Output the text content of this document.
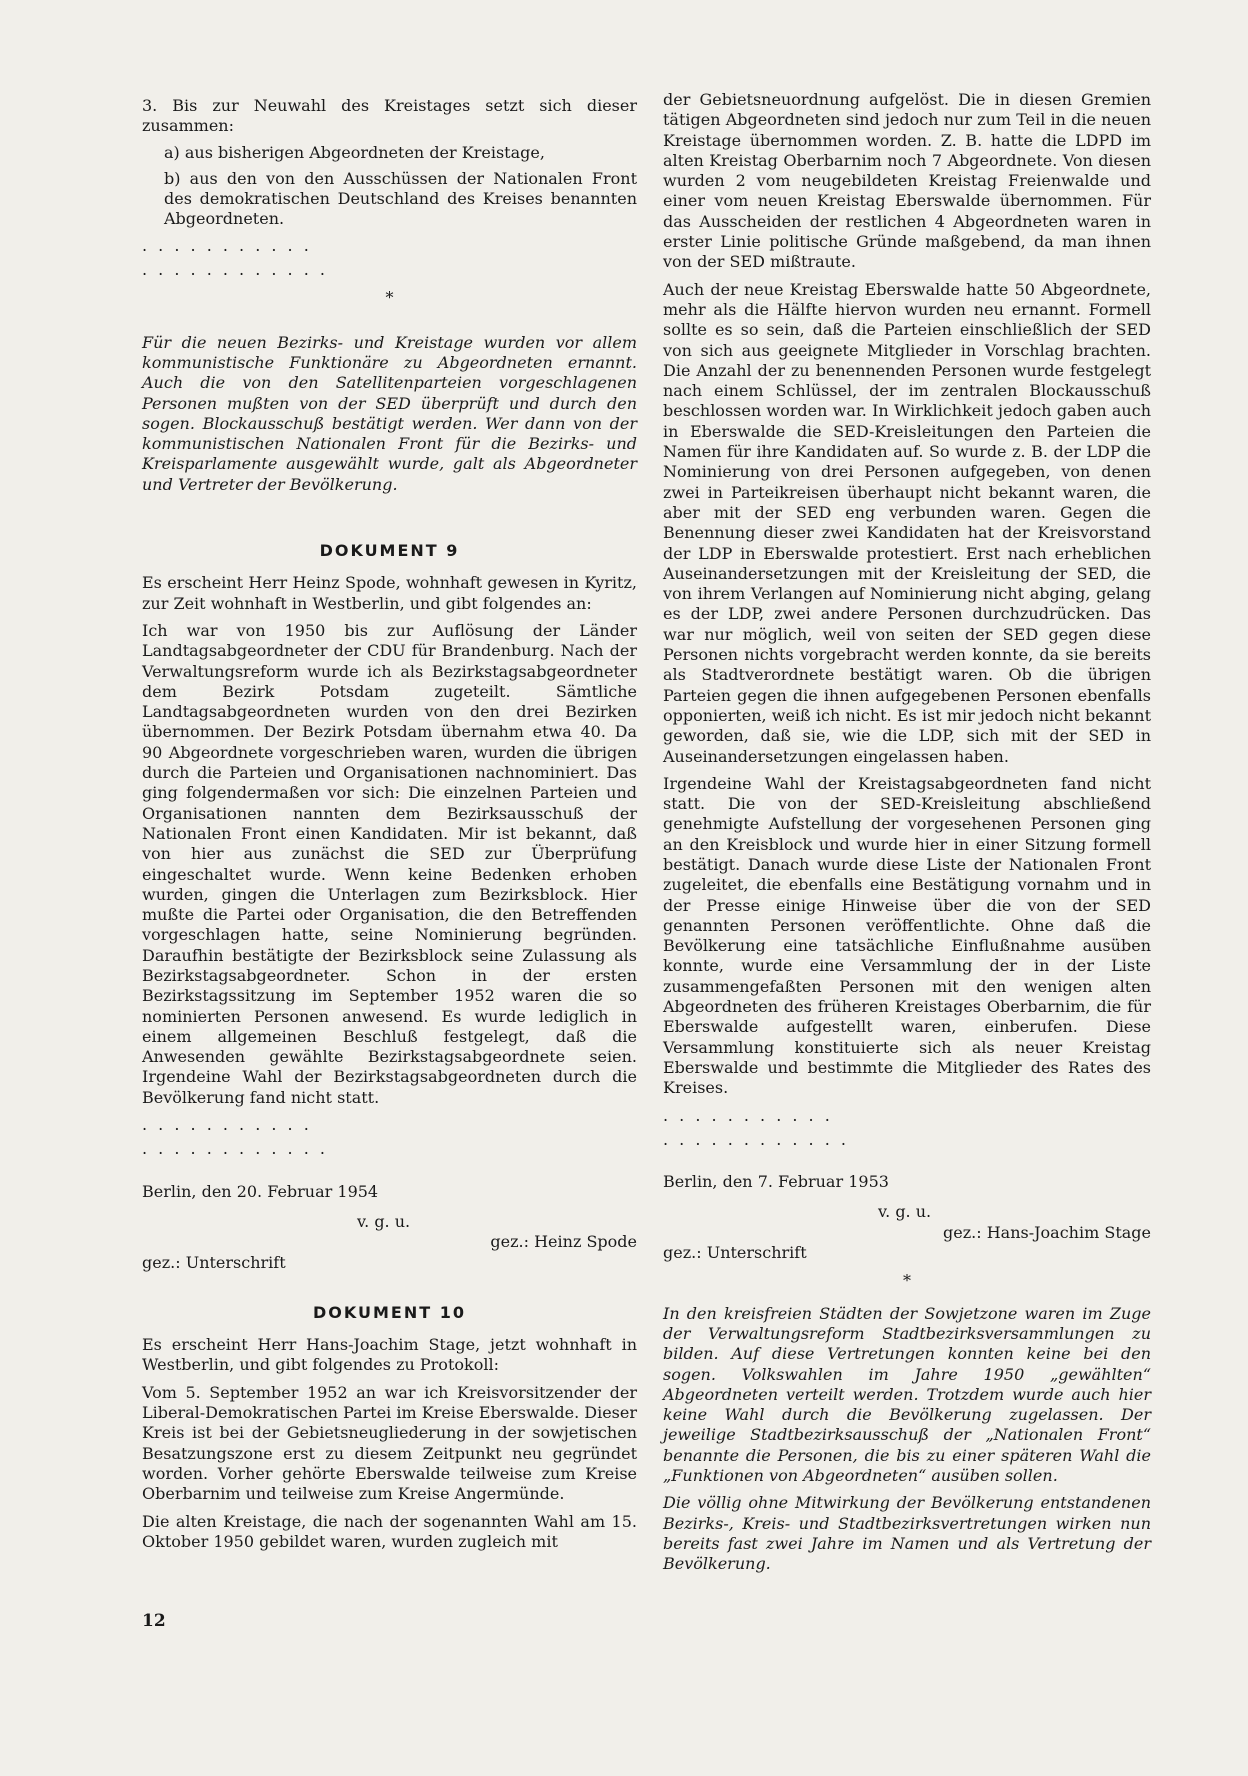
3. Bis zur Neuwahl des Kreistages setzt sich dieser zusammen:
a) aus bisherigen Abgeordneten der Kreistage,
b) aus den von den Ausschüssen der Nationalen Front des demokratischen Deutschland des Kreises benannten Abgeordneten.
. . . . . . . . . . .
. . . . . . . . . . . .
*

Für die neuen Bezirks- und Kreistage wurden vor allem kommunistische Funktionäre zu Abgeordneten ernannt. Auch die von den Satellitenparteien vorgeschlagenen Personen mußten von der SED überprüft und durch den sogen. Blockausschuß bestätigt werden. Wer dann von der kommunistischen Nationalen Front für die Bezirks- und Kreisparlamente ausgewählt wurde, galt als Abgeordneter und Vertreter der Bevölkerung.

DOKUMENT 9

Es erscheint Herr Heinz Spode, wohnhaft gewesen in Kyritz, zur Zeit wohnhaft in Westberlin, und gibt folgendes an:

Ich war von 1950 bis zur Auflösung der Länder Landtagsabgeordneter der CDU für Brandenburg. Nach der Verwaltungsreform wurde ich als Bezirkstagsabgeordneter dem Bezirk Potsdam zugeteilt. Sämtliche Landtagsabgeordneten wurden von den drei Bezirken übernommen. Der Bezirk Potsdam übernahm etwa 40. Da 90 Abgeordnete vorgeschrieben waren, wurden die übrigen durch die Parteien und Organisationen nachnominiert. Das ging folgendermaßen vor sich: Die einzelnen Parteien und Organisationen nannten dem Bezirksausschuß der Nationalen Front einen Kandidaten. Mir ist bekannt, daß von hier aus zunächst die SED zur Überprüfung eingeschaltet wurde. Wenn keine Bedenken erhoben wurden, gingen die Unterlagen zum Bezirksblock. Hier mußte die Partei oder Organisation, die den Betreffenden vorgeschlagen hatte, seine Nominierung begründen. Daraufhin bestätigte der Bezirksblock seine Zulassung als Bezirkstagsabgeordneter. Schon in der ersten Bezirkstagssitzung im September 1952 waren die so nominierten Personen anwesend. Es wurde lediglich in einem allgemeinen Beschluß festgelegt, daß die Anwesenden gewählte Bezirkstagsabgeordnete seien. Irgendeine Wahl der Bezirkstagsabgeordneten durch die Bevölkerung fand nicht statt.

. . . . . . . . . . .
. . . . . . . . . . . .

Berlin, den 20. Februar 1954

v. g. u.

gez.: Heinz Spode

gez.: Unterschrift

DOKUMENT 10

Es erscheint Herr Hans-Joachim Stage, jetzt wohnhaft in Westberlin, und gibt folgendes zu Protokoll:

Vom 5. September 1952 an war ich Kreisvorsitzender der Liberal-Demokratischen Partei im Kreise Eberswalde. Dieser Kreis ist bei der Gebietsneugliederung in der sowjetischen Besatzungszone erst zu diesem Zeitpunkt neu gegründet worden. Vorher gehörte Eberswalde teilweise zum Kreise Oberbarnim und teilweise zum Kreise Angermünde.

Die alten Kreistage, die nach der sogenannten Wahl am 15. Oktober 1950 gebildet waren, wurden zugleich mit

der Gebietsneuordnung aufgelöst. Die in diesen Gremien tätigen Abgeordneten sind jedoch nur zum Teil in die neuen Kreistage übernommen worden. Z. B. hatte die LDPD im alten Kreistag Oberbarnim noch 7 Abgeordnete. Von diesen wurden 2 vom neugebildeten Kreistag Freienwalde und einer vom neuen Kreistag Eberswalde übernommen. Für das Ausscheiden der restlichen 4 Abgeordneten waren in erster Linie politische Gründe maßgebend, da man ihnen von der SED mißtraute.

Auch der neue Kreistag Eberswalde hatte 50 Abgeordnete, mehr als die Hälfte hiervon wurden neu ernannt. Formell sollte es so sein, daß die Parteien einschließlich der SED von sich aus geeignete Mitglieder in Vorschlag brachten. Die Anzahl der zu benennenden Personen wurde festgelegt nach einem Schlüssel, der im zentralen Blockausschuß beschlossen worden war. In Wirklichkeit jedoch gaben auch in Eberswalde die SED-Kreisleitungen den Parteien die Namen für ihre Kandidaten auf. So wurde z. B. der LDP die Nominierung von drei Personen aufgegeben, von denen zwei in Parteikreisen überhaupt nicht bekannt waren, die aber mit der SED eng verbunden waren. Gegen die Benennung dieser zwei Kandidaten hat der Kreisvorstand der LDP in Eberswalde protestiert. Erst nach erheblichen Auseinandersetzungen mit der Kreisleitung der SED, die von ihrem Verlangen auf Nominierung nicht abging, gelang es der LDP, zwei andere Personen durchzudrücken. Das war nur möglich, weil von seiten der SED gegen diese Personen nichts vorgebracht werden konnte, da sie bereits als Stadtverordnete bestätigt waren. Ob die übrigen Parteien gegen die ihnen aufgegebenen Personen ebenfalls opponierten, weiß ich nicht. Es ist mir jedoch nicht bekannt geworden, daß sie, wie die LDP, sich mit der SED in Auseinandersetzungen eingelassen haben.

Irgendeine Wahl der Kreistagsabgeordneten fand nicht statt. Die von der SED-Kreisleitung abschließend genehmigte Aufstellung der vorgesehenen Personen ging an den Kreisblock und wurde hier in einer Sitzung formell bestätigt. Danach wurde diese Liste der Nationalen Front zugeleitet, die ebenfalls eine Bestätigung vornahm und in der Presse einige Hinweise über die von der SED genannten Personen veröffentlichte. Ohne daß die Bevölkerung eine tatsächliche Einflußnahme ausüben konnte, wurde eine Versammlung der in der Liste zusammengefaßten Personen mit den wenigen alten Abgeordneten des früheren Kreistages Oberbarnim, die für Eberswalde aufgestellt waren, einberufen. Diese Versammlung konstituierte sich als neuer Kreistag Eberswalde und bestimmte die Mitglieder des Rates des Kreises.

. . . . . . . . . . .
. . . . . . . . . . . .

Berlin, den 7. Februar 1953

v. g. u.

gez.: Hans-Joachim Stage

gez.: Unterschrift

*

In den kreisfreien Städten der Sowjetzone waren im Zuge der Verwaltungsreform Stadtbezirksversammlungen zu bilden. Auf diese Vertretungen konnten keine bei den sogen. Volkswahlen im Jahre 1950 „gewählten“ Abgeordneten verteilt werden. Trotzdem wurde auch hier keine Wahl durch die Bevölkerung zugelassen. Der jeweilige Stadtbezirksausschuß der „Nationalen Front“ benannte die Personen, die bis zu einer späteren Wahl die „Funktionen von Abgeordneten“ ausüben sollen.

Die völlig ohne Mitwirkung der Bevölkerung entstandenen Bezirks-, Kreis- und Stadtbezirksvertretungen wirken nun bereits fast zwei Jahre im Namen und als Vertretung der Bevölkerung.

12
